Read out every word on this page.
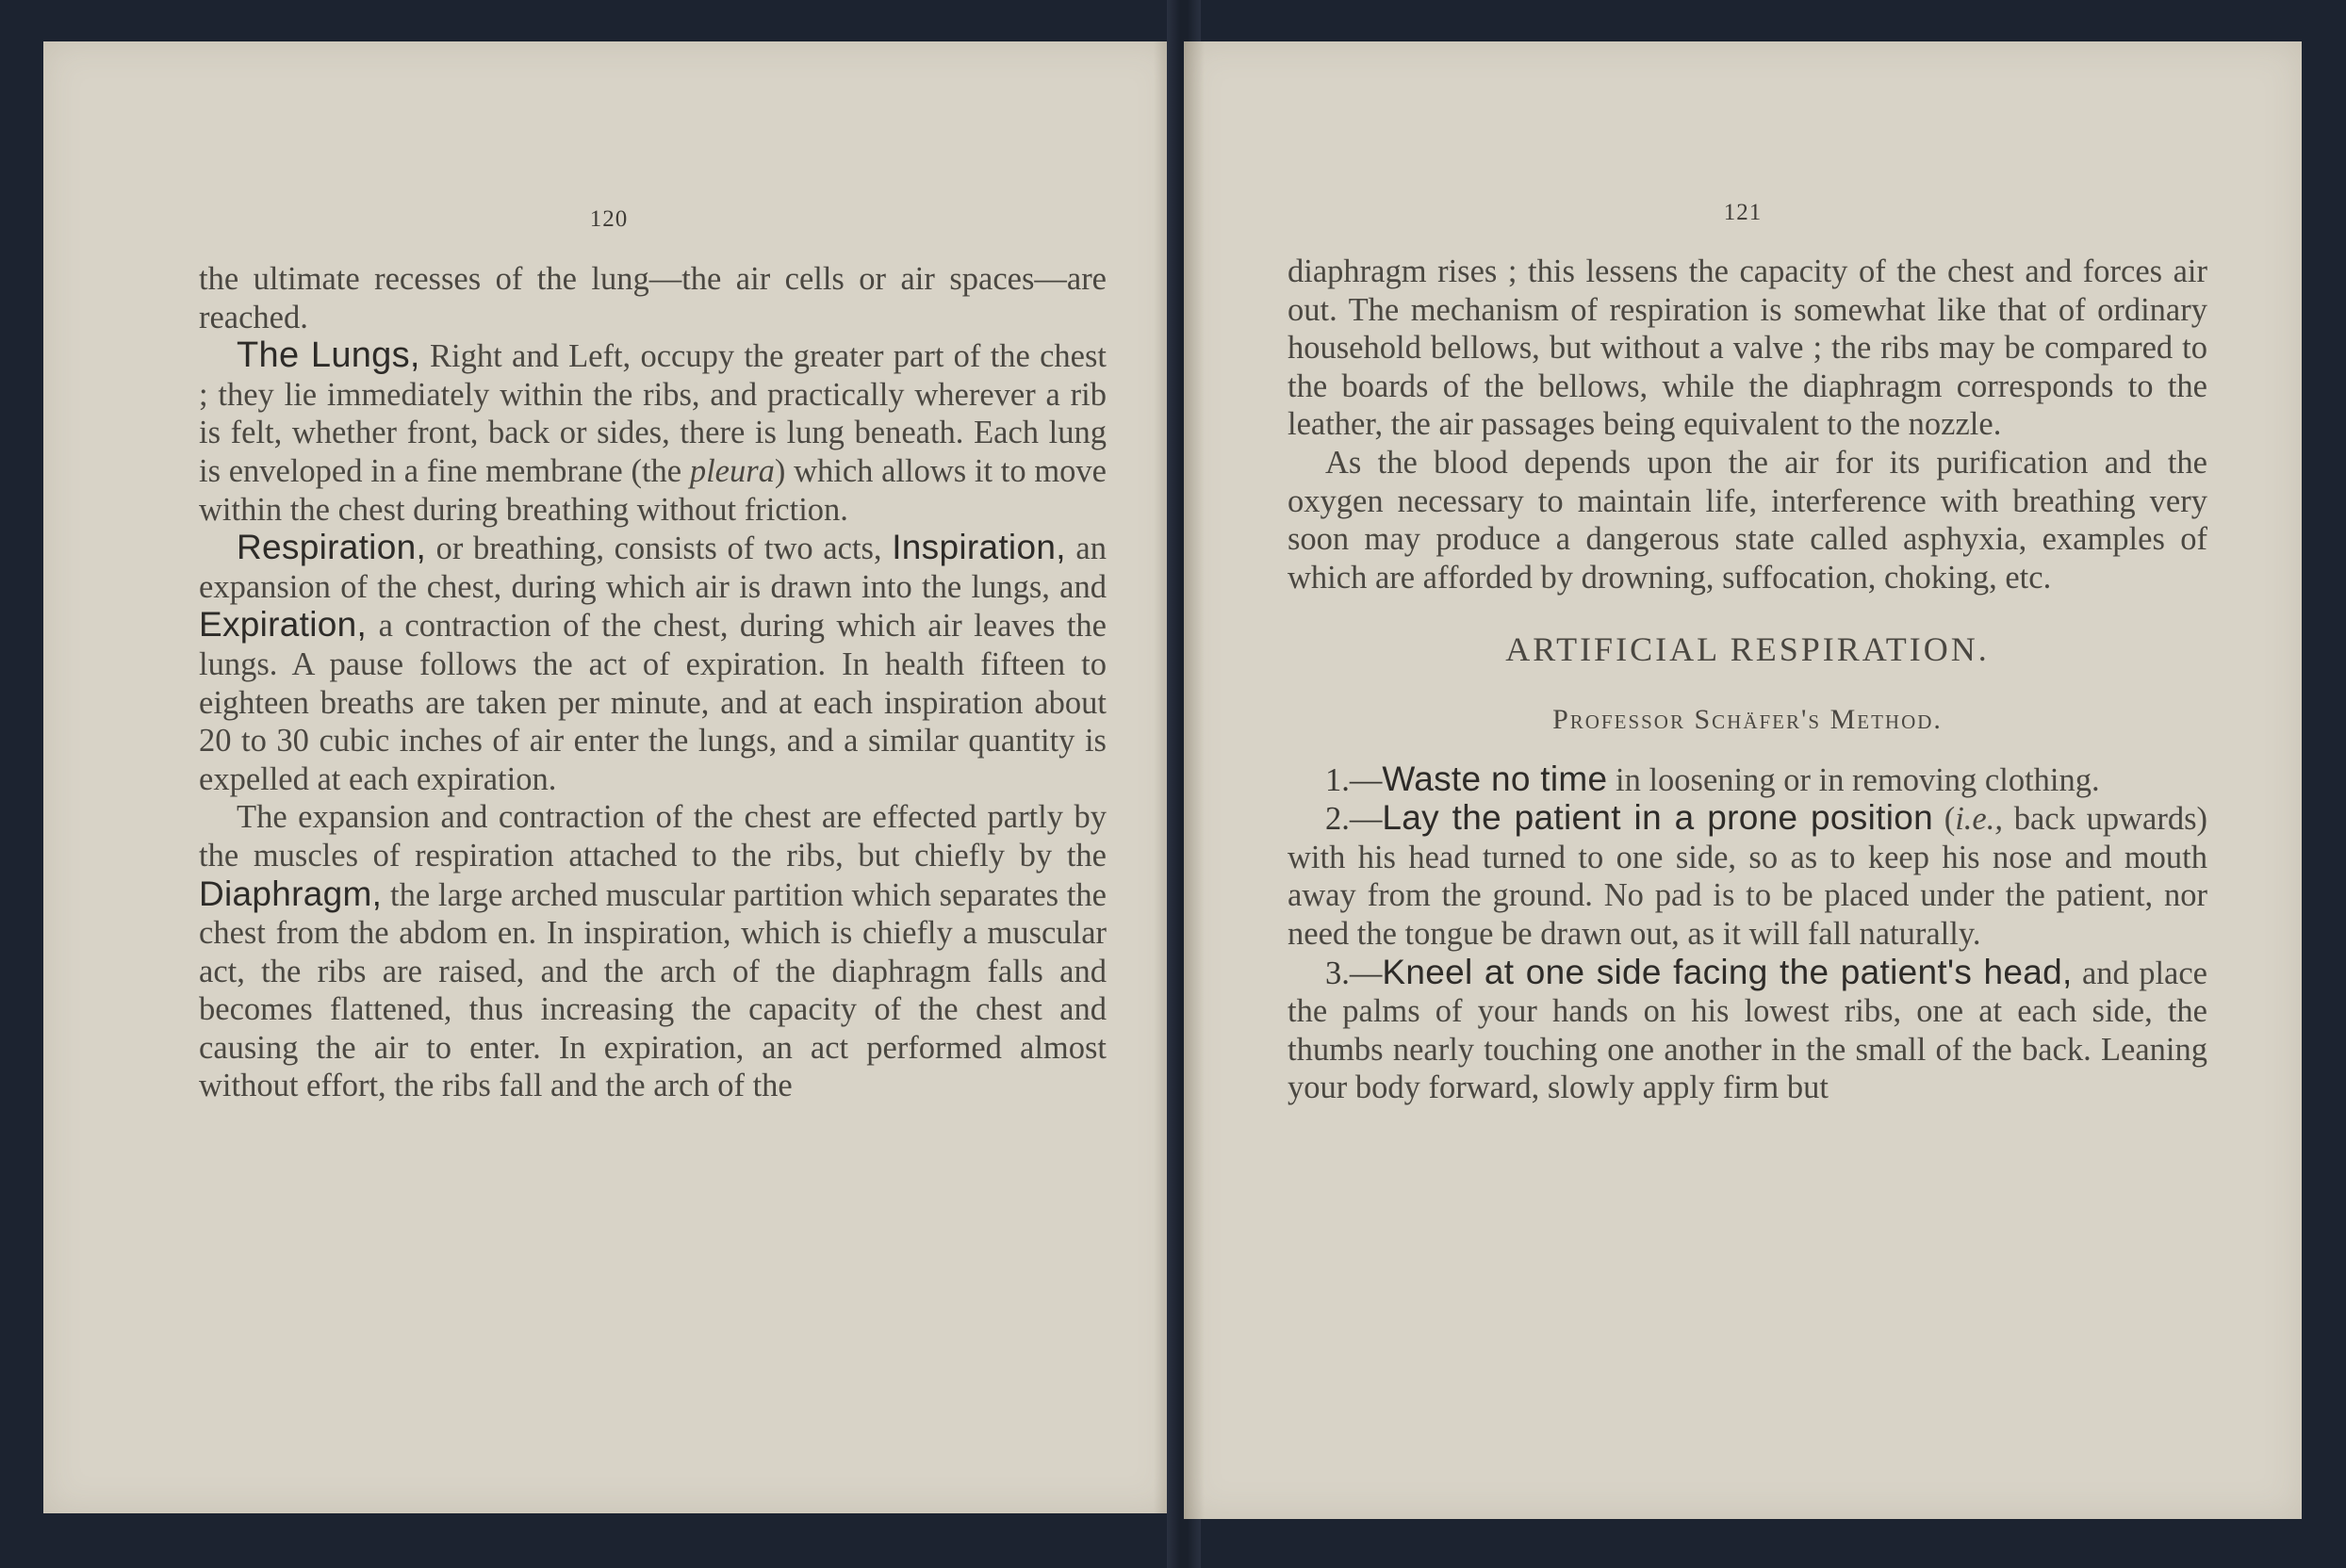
120

the ultimate recesses of the lung—the air cells or air spaces—are reached.

The Lungs, Right and Left, occupy the greater part of the chest ; they lie immediately within the ribs, and practically wherever a rib is felt, whether front, back or sides, there is lung beneath. Each lung is enveloped in a fine membrane (the pleura) which allows it to move within the chest during breathing without friction.

Respiration, or breathing, consists of two acts, Inspiration, an expansion of the chest, during which air is drawn into the lungs, and Expiration, a contraction of the chest, during which air leaves the lungs. A pause follows the act of expiration. In health fifteen to eighteen breaths are taken per minute, and at each inspiration about 20 to 30 cubic inches of air enter the lungs, and a similar quantity is expelled at each expiration.

The expansion and contraction of the chest are effected partly by the muscles of respiration attached to the ribs, but chiefly by the Diaphragm, the large arched muscular partition which separates the chest from the abdom en. In inspiration, which is chiefly a muscular act, the ribs are raised, and the arch of the diaphragm falls and becomes flattened, thus increasing the capacity of the chest and causing the air to enter. In expiration, an act performed almost without effort, the ribs fall and the arch of the

121

diaphragm rises ; this lessens the capacity of the chest and forces air out. The mechanism of respiration is somewhat like that of ordinary household bellows, but without a valve ; the ribs may be compared to the boards of the bellows, while the diaphragm corresponds to the leather, the air passages being equivalent to the nozzle.

As the blood depends upon the air for its purification and the oxygen necessary to maintain life, interference with breathing very soon may produce a dangerous state called asphyxia, examples of which are afforded by drowning, suffocation, choking, etc.

ARTIFICIAL RESPIRATION.
Professor Schäfer's Method.

1.—Waste no time in loosening or in removing clothing.

2.—Lay the patient in a prone position (i.e., back upwards) with his head turned to one side, so as to keep his nose and mouth away from the ground. No pad is to be placed under the patient, nor need the tongue be drawn out, as it will fall naturally.

3.—Kneel at one side facing the patient's head, and place the palms of your hands on his lowest ribs, one at each side, the thumbs nearly touching one another in the small of the back. Leaning your body forward, slowly apply firm but
